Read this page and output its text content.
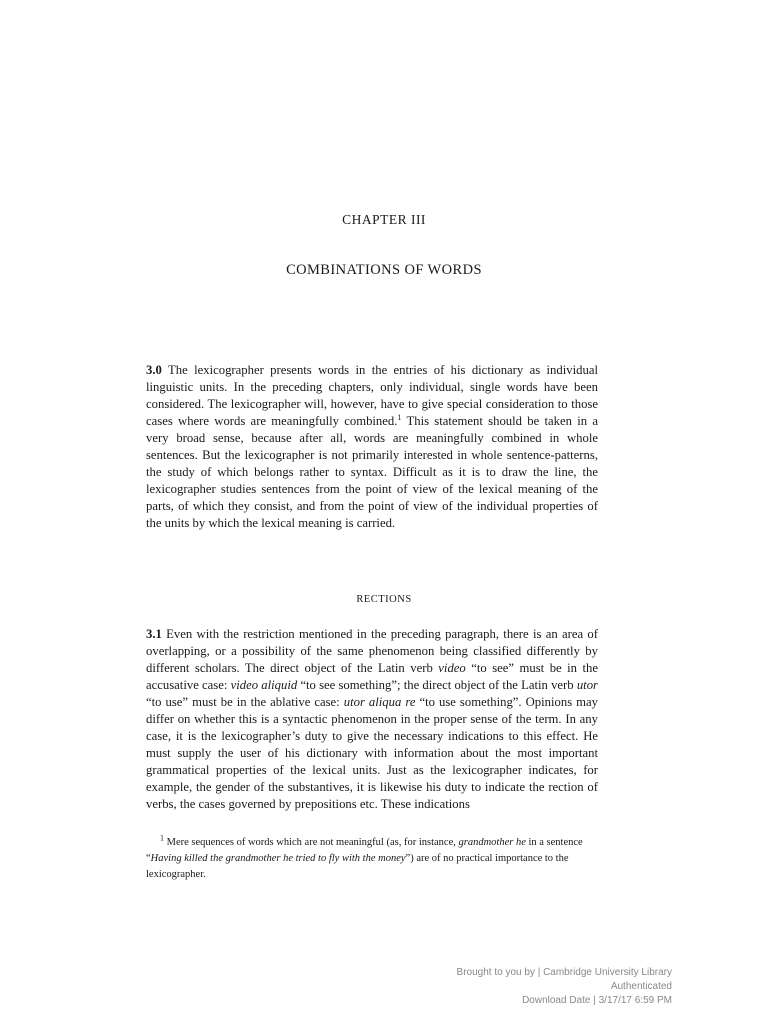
CHAPTER III
COMBINATIONS OF WORDS

3.0 The lexicographer presents words in the entries of his dictionary as individual linguistic units. In the preceding chapters, only individual, single words have been considered. The lexicographer will, however, have to give special consideration to those cases where words are meaningfully combined.$^1$ This statement should be taken in a very broad sense, because after all, words are meaningfully combined in whole sentences. But the lexicographer is not primarily interested in whole sentence-patterns, the study of which belongs rather to syntax. Difficult as it is to draw the line, the lexicographer studies sentences from the point of view of the lexical meaning of the parts, of which they consist, and from the point of view of the individual properties of the units by which the lexical meaning is carried.

RECTIONS

3.1 Even with the restriction mentioned in the preceding paragraph, there is an area of overlapping, or a possibility of the same phenomenon being classified differently by different scholars. The direct object of the Latin verb video “to see” must be in the accusative case: video aliquid “to see something”; the direct object of the Latin verb utor “to use” must be in the ablative case: utor aliqua re “to use something”. Opinions may differ on whether this is a syntactic phenomenon in the proper sense of the term. In any case, it is the lexicographer’s duty to give the necessary indications to this effect. He must supply the user of his dictionary with information about the most important grammatical properties of the lexical units. Just as the lexicographer indicates, for example, the gender of the substantives, it is likewise his duty to indicate the rection of verbs, the cases governed by prepositions etc. These indications

$^1$ Mere sequences of words which are not meaningful (as, for instance, grandmother he in a sentence “Having killed the grandmother he tried to fly with the money”) are of no practical importance to the lexicographer.

Brought to you by | Cambridge University Library
Authenticated
Download Date | 3/17/17 6:59 PM
